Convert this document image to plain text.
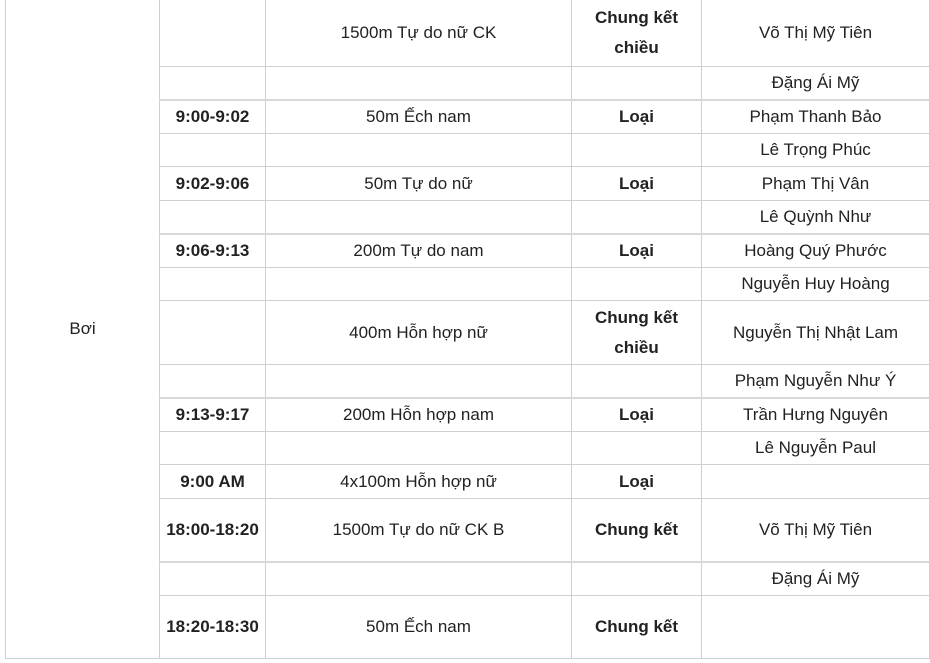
Bơi		1500m Tự do nữ CK	Chung kết chiều	Võ Thị Mỹ Tiên
				Đặng Ái Mỹ
	9:00-9:02	50m Ếch nam	Loại	Phạm Thanh Bảo
				Lê Trọng Phúc
	9:02-9:06	50m Tự do nữ	Loại	Phạm Thị Vân
				Lê Quỳnh Như
	9:06-9:13	200m Tự do nam	Loại	Hoàng Quý Phước
				Nguyễn Huy Hoàng
		400m Hỗn hợp nữ	Chung kết chiều	Nguyễn Thị Nhật Lam
				Phạm Nguyễn Như Ý
	9:13-9:17	200m Hỗn hợp nam	Loại	Trần Hưng Nguyên
				Lê Nguyễn Paul
	9:00 AM	4x100m Hỗn hợp nữ	Loại	
	18:00-18:20	1500m Tự do nữ CK B	Chung kết	Võ Thị Mỹ Tiên
				Đặng Ái Mỹ
	18:20-18:30	50m Ếch nam	Chung kết	
